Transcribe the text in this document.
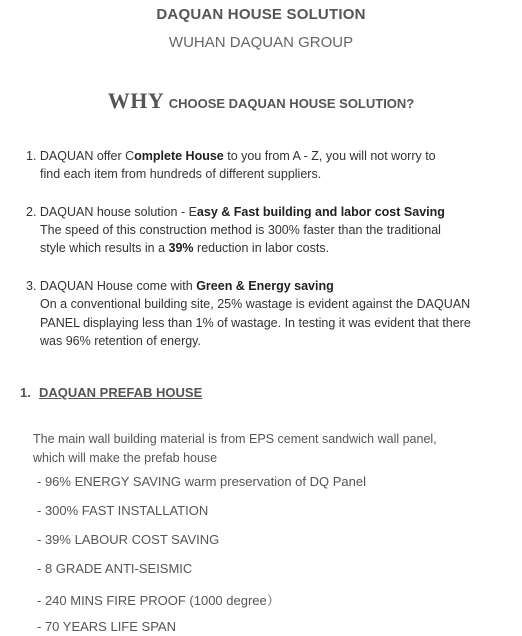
DAQUAN HOUSE SOLUTION
WUHAN DAQUAN GROUP
WHY CHOOSE DAQUAN HOUSE SOLUTION?
1. DAQUAN offer Complete House to you from A - Z, you will not worry to
find each item from hundreds of different suppliers.
2. DAQUAN house solution - Easy & Fast building and labor cost Saving
The speed of this construction method is 300% faster than the traditional
style which results in a 39% reduction in labor costs.
3. DAQUAN House come with Green & Energy saving
On a conventional building site, 25% wastage is evident against the DAQUAN
PANEL displaying less than 1% of wastage. In testing it was evident that there
was 96% retention of energy.
1. DAQUAN PREFAB HOUSE
The main wall building material is from EPS cement sandwich wall panel,
which will make the prefab house
- 96% ENERGY SAVING warm preservation of DQ Panel
- 300% FAST INSTALLATION
- 39% LABOUR COST SAVING
- 8 GRADE ANTI-SEISMIC
- 240 MINS FIRE PROOF (1000 degree）
- 70 YEARS LIFE SPAN
